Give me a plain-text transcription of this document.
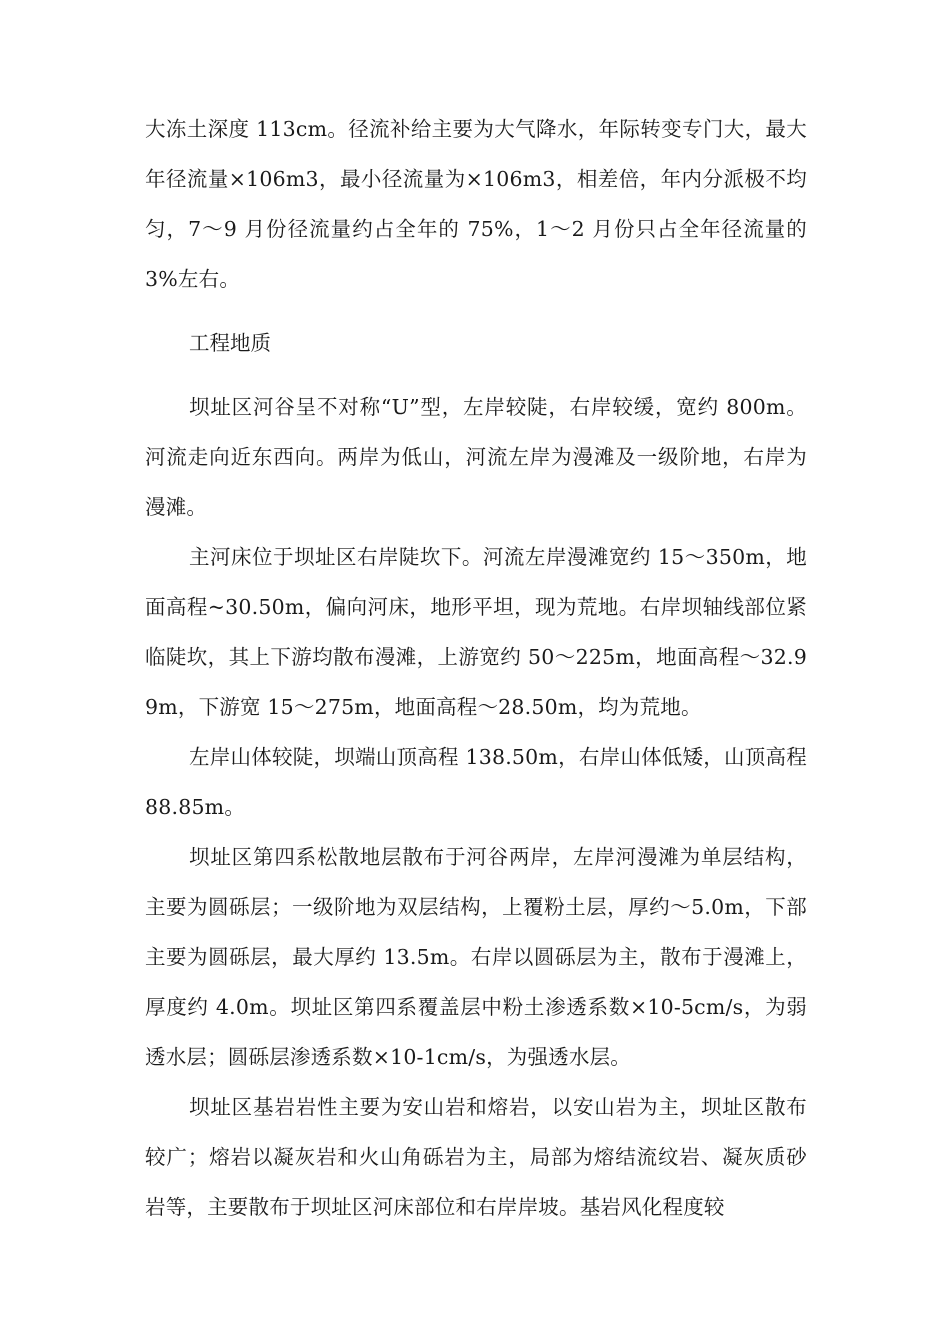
大冻土深度 113cm。径流补给主要为大气降水，年际转变专门大，最大年径流量×106m3，最小径流量为×106m3，相差倍，年内分派极不均匀，7～9 月份径流量约占全年的 75%，1～2 月份只占全年径流量的 3%左右。

工程地质

坝址区河谷呈不对称“U”型，左岸较陡，右岸较缓，宽约 800m。河流走向近东西向。两岸为低山，河流左岸为漫滩及一级阶地，右岸为漫滩。

主河床位于坝址区右岸陡坎下。河流左岸漫滩宽约 15～350m，地面高程~30.50m，偏向河床，地形平坦，现为荒地。右岸坝轴线部位紧临陡坎，其上下游均散布漫滩，上游宽约 50～225m，地面高程～32.99m，下游宽 15～275m，地面高程～28.50m，均为荒地。

左岸山体较陡，坝端山顶高程 138.50m，右岸山体低矮，山顶高程 88.85m。

坝址区第四系松散地层散布于河谷两岸，左岸河漫滩为单层结构，主要为圆砾层；一级阶地为双层结构，上覆粉土层，厚约～5.0m，下部主要为圆砾层，最大厚约 13.5m。右岸以圆砾层为主，散布于漫滩上，厚度约 4.0m。坝址区第四系覆盖层中粉土渗透系数×10-5cm/s，为弱透水层；圆砾层渗透系数×10-1cm/s，为强透水层。

坝址区基岩岩性主要为安山岩和熔岩，以安山岩为主，坝址区散布较广；熔岩以凝灰岩和火山角砾岩为主，局部为熔结流纹岩、凝灰质砂岩等，主要散布于坝址区河床部位和右岸岸坡。基岩风化程度较
